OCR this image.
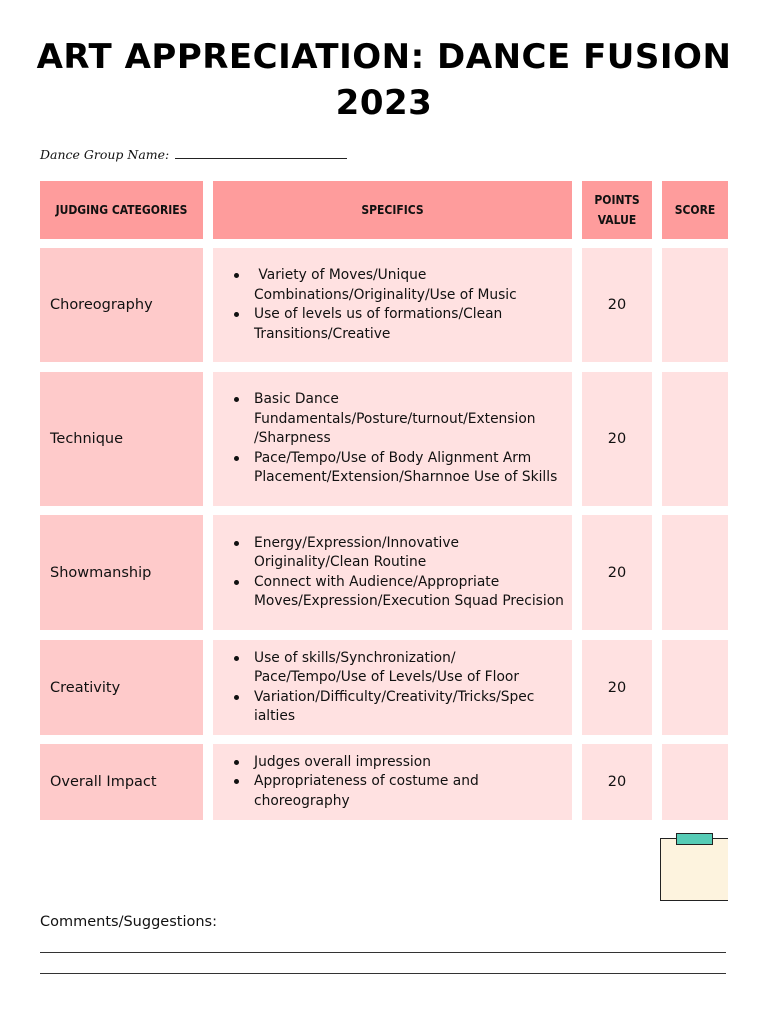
ART APPRECIATION: DANCE FUSION
2023
Dance Group Name:
JUDGING CATEGORIES	SPECIFICS
POINTS
VALUE
SCORE
Choreography
Variety of Moves/Unique Combinations/Originality/Use of Music
Use of levels us of formations/Clean Transitions/Creative
20
Technique
Basic Dance Fundamentals/Posture/turnout/Extension /Sharpness
Pace/Tempo/Use of Body Alignment Arm Placement/Extension/Sharnnoe Use of Skills
20
Showmanship
Energy/Expression/Innovative Originality/Clean Routine
Connect with Audience/Appropriate Moves/Expression/Execution Squad Precision
20
Creativity
Use of skills/Synchronization/ Pace/Tempo/Use of Levels/Use of Floor
Variation/Difficulty/Creativity/Tricks/Spec ialties
20
Overall Impact
Judges overall impression
Appropriateness of costume and choreography
20
Comments/Suggestions:
